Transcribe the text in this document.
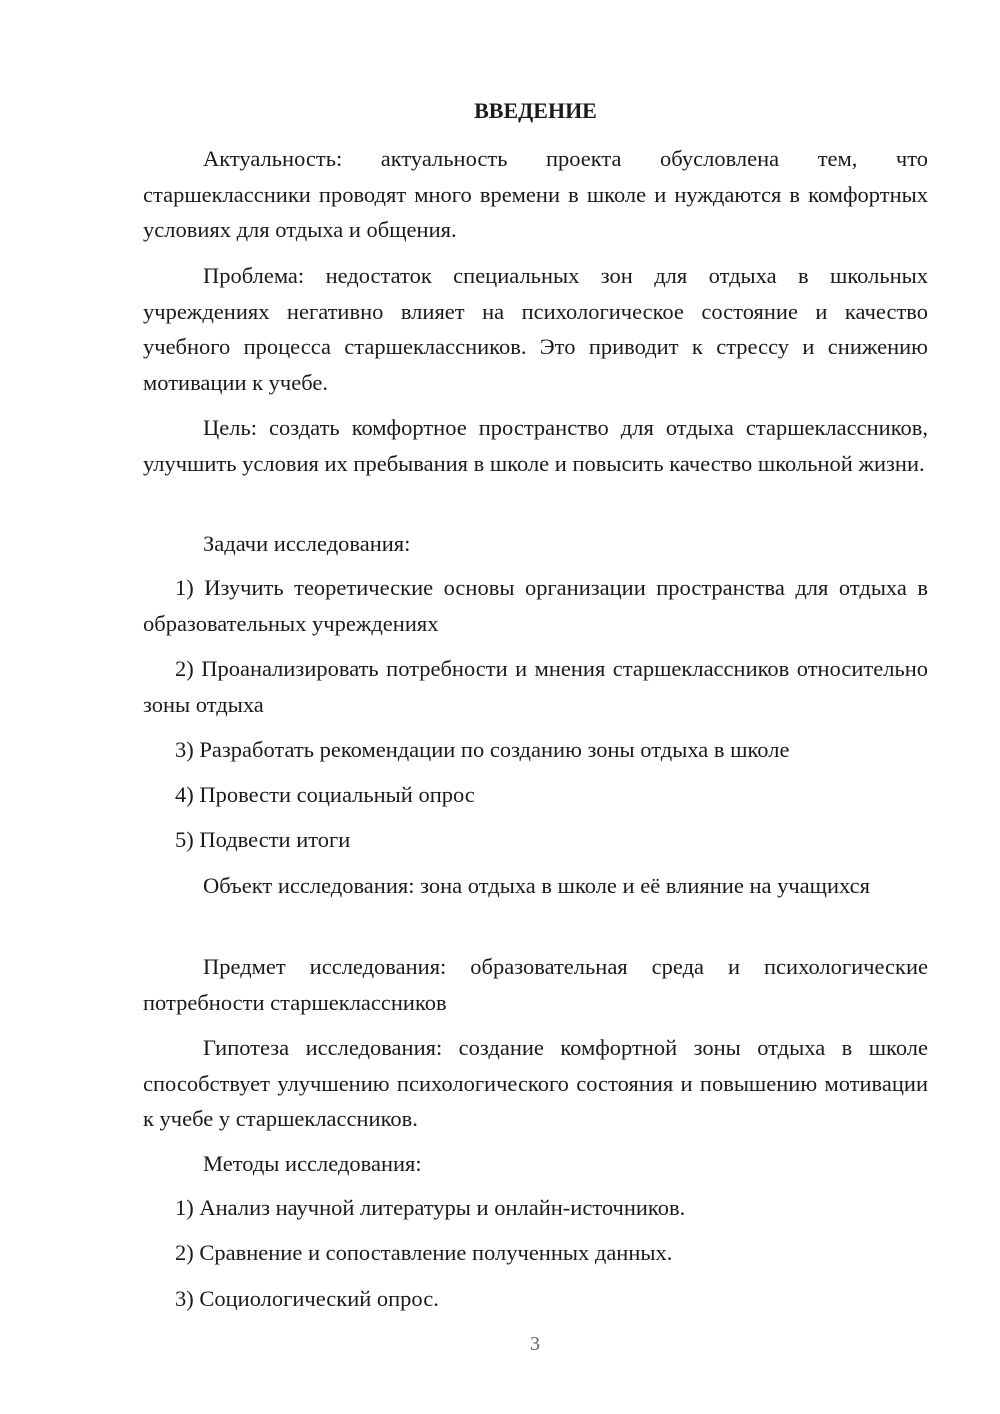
ВВЕДЕНИЕ

Актуальность: актуальность проекта обусловлена тем, что старшеклассники проводят много времени в школе и нуждаются в комфортных условиях для отдыха и общения.

Проблема: недостаток специальных зон для отдыха в школьных учреждениях негативно влияет на психологическое состояние и качество учебного процесса старшеклассников. Это приводит к стрессу и снижению мотивации к учебе.

Цель: создать комфортное пространство для отдыха старшеклассников, улучшить условия их пребывания в школе и повысить качество школьной жизни.

Задачи исследования:

1) Изучить теоретические основы организации пространства для отдыха в образовательных учреждениях

2) Проанализировать потребности и мнения старшеклассников относительно зоны отдыха

3) Разработать рекомендации по созданию зоны отдыха в школе

4) Провести социальный опрос

5) Подвести итоги

Объект исследования: зона отдыха в школе и её влияние на учащихся

Предмет исследования: образовательная среда и психологические потребности старшеклассников

Гипотеза исследования: создание комфортной зоны отдыха в школе способствует улучшению психологического состояния и повышению мотивации к учебе у старшеклассников.

Методы исследования:

1) Анализ научной литературы и онлайн-источников.

2) Сравнение и сопоставление полученных данных.

3) Социологический опрос.

3
